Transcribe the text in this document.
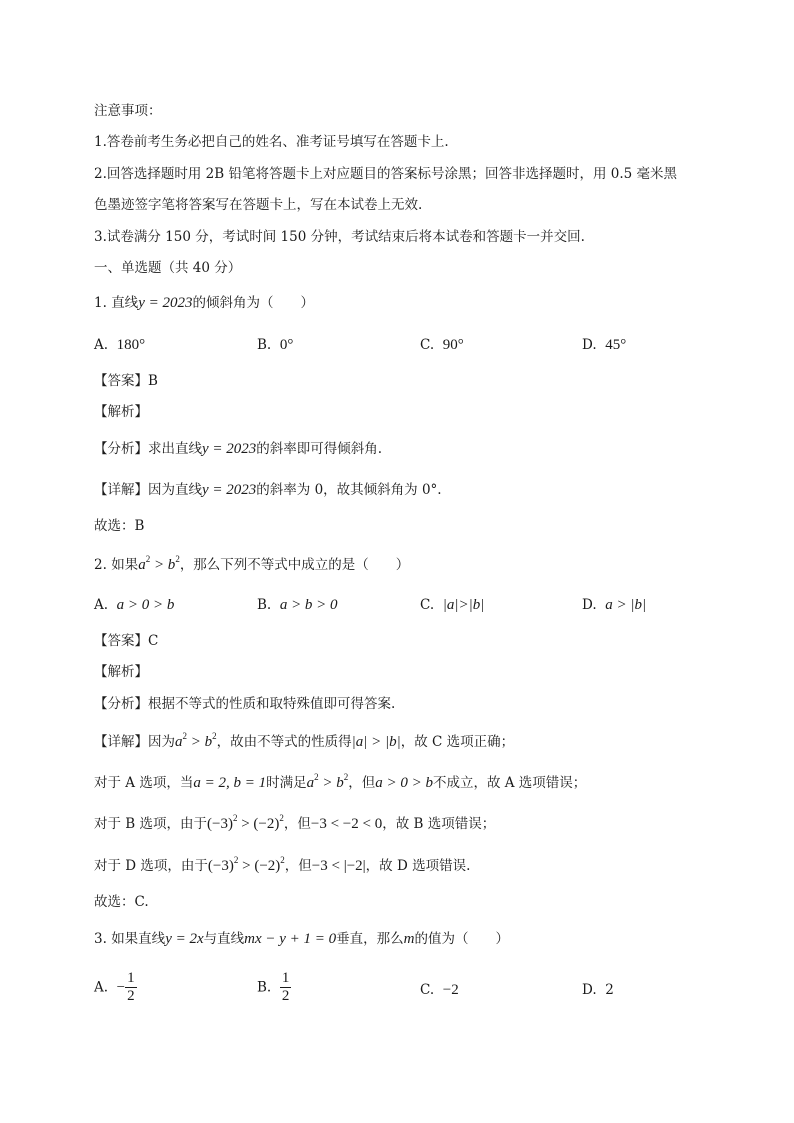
注意事项：
1.答卷前考生务必把自己的姓名、准考证号填写在答题卡上.
2.回答选择题时用 2B 铅笔将答题卡上对应题目的答案标号涂黑；回答非选择题时，用 0.5 毫米黑
色墨迹签字笔将答案写在答题卡上，写在本试卷上无效.
3.试卷满分 150 分，考试时间 150 分钟，考试结束后将本试卷和答题卡一并交回.
一、单选题（共 40 分）
1. 直线y = 2023的倾斜角为（　　）
A. 180°	B. 0°	C. 90°	D. 45°
【答案】B
【解析】
【分析】求出直线y = 2023的斜率即可得倾斜角.
【详解】因为直线y = 2023的斜率为 0，故其倾斜角为 0°.
故选：B
2. 如果$a^2 > b^2$，那么下列不等式中成立的是（　　）
A. a > 0 > b	B. a > b > 0	C. |a|>|b|	D. a > |b|
【答案】C
【解析】
【分析】根据不等式的性质和取特殊值即可得答案.
【详解】因为$a^2 > b^2$，故由不等式的性质得|a| > |b|，故 C 选项正确；
对于 A 选项，当a = 2, b = 1时满足$a^2 > b^2$，但a > 0 > b不成立，故 A 选项错误；
对于 B 选项，由于$(-3)^2 > (-2)^2$，但−3 < −2 < 0，故 B 选项错误；
对于 D 选项，由于$(-3)^2 > (-2)^2$，但−3 < |−2|，故 D 选项错误.
故选：C.
3. 如果直线y = 2x与直线mx − y + 1 = 0垂直，那么m的值为（　　）
A. − $\frac{1}{2}$	B. $\frac{1}{2}$	C. −2	D. 2
